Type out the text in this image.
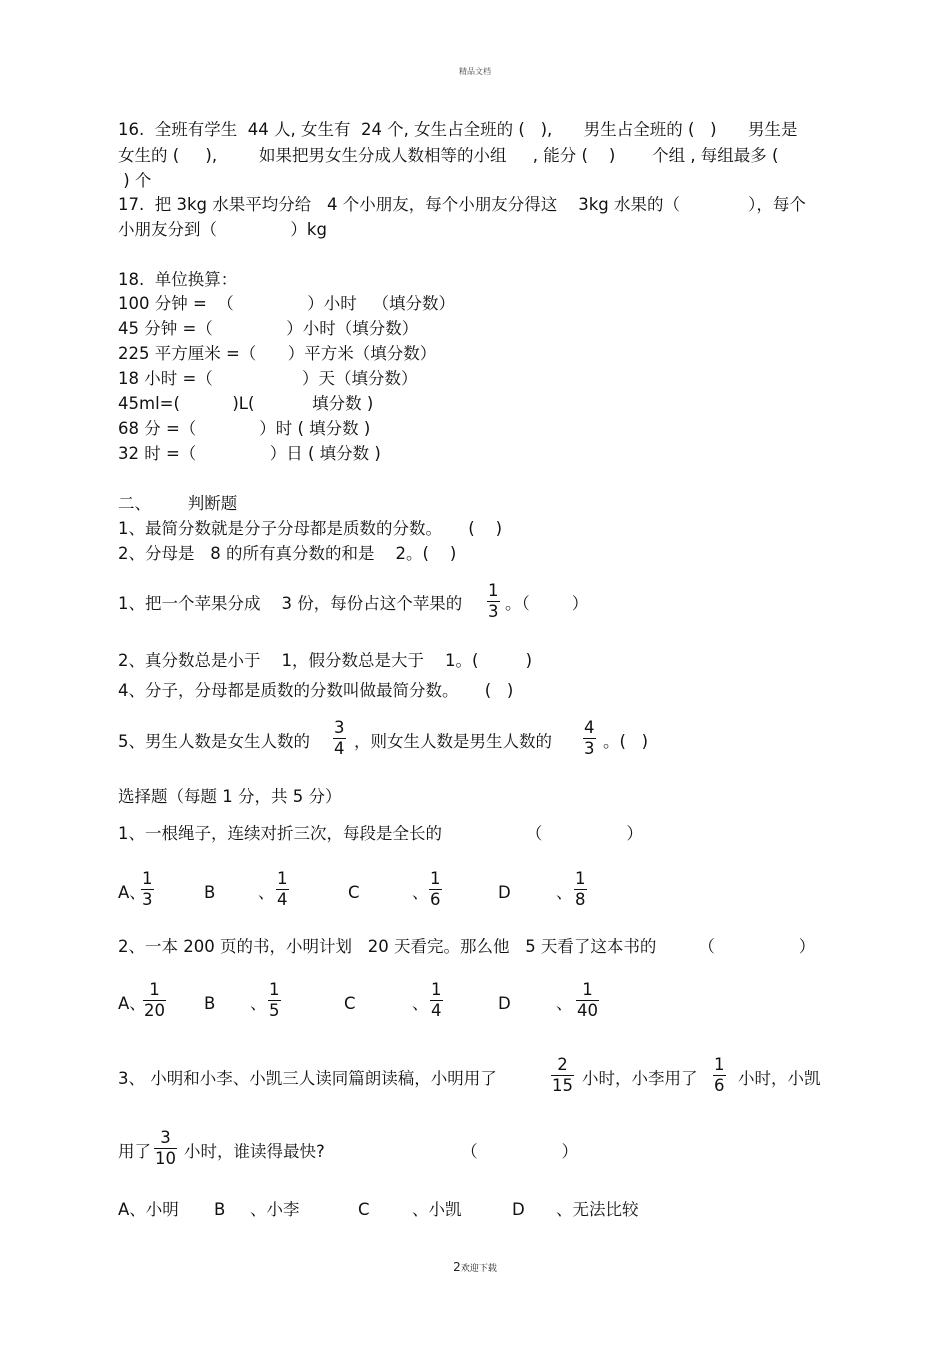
精品文档
16.  全班有学生  44 人, 女生有  24 个, 女生占全班的 (   ),      男生占全班的 (   )      男生是
女生的 (     ),        如果把男女生分成人数相等的小组     , 能分 (    )       个组 , 每组最多 (
) 个
17.  把 3kg 水果平均分给   4 个小朋友，每个小朋友分得这    3kg 水果的（             ），每个
小朋友分到（              ）kg
18.  单位换算：
100 分钟 =  （              ）小时   （填分数）
45 分钟 =（              ）小时（填分数）
225 平方厘米 =（      ）平方米（填分数）
18 小时 =（                 ）天（填分数）
45ml=(          )L(           填分数 )
68 分 =（            ）时 ( 填分数 )
32 时 =（              ）日 ( 填分数 )
二、       判断题
1、最简分数就是分子分母都是质数的分数。     (    )
2、分母是   8 的所有真分数的和是    2。(    )
1、把一个苹果分成    3 份，每份占这个苹果的
1
3 。（        ）
2、真分数总是小于    1，假分数总是大于    1。(         )
4、分子，分母都是质数的分数叫做最简分数。     (   )
5、男生人数是女生人数的
3
4 ，则女生人数是男生人数的
4
3 。(   )
选择题（每题 1 分，共 5 分）
1、一根绳子，连续对折三次，每段是全长的                （                ）
A、
1
3	B	、
1
4	C	、
1
6	D	、
1
8
2、一本 200 页的书，小明计划   20 天看完。那么他   5 天看了这本书的        （                ）
A、
1
20 B 、
1
5	C	、
1
4	D	、
1
40
3、 小明和小李、小凯三人读同篇朗读稿，小明用了
2
15 小时，小李用了
1
6 小时，小凯
用了
3
10 小时，谁读得最快?                          （                ）
A、小明 B 、小李	C	、小凯	D 、无法比较
2欢迎下载
